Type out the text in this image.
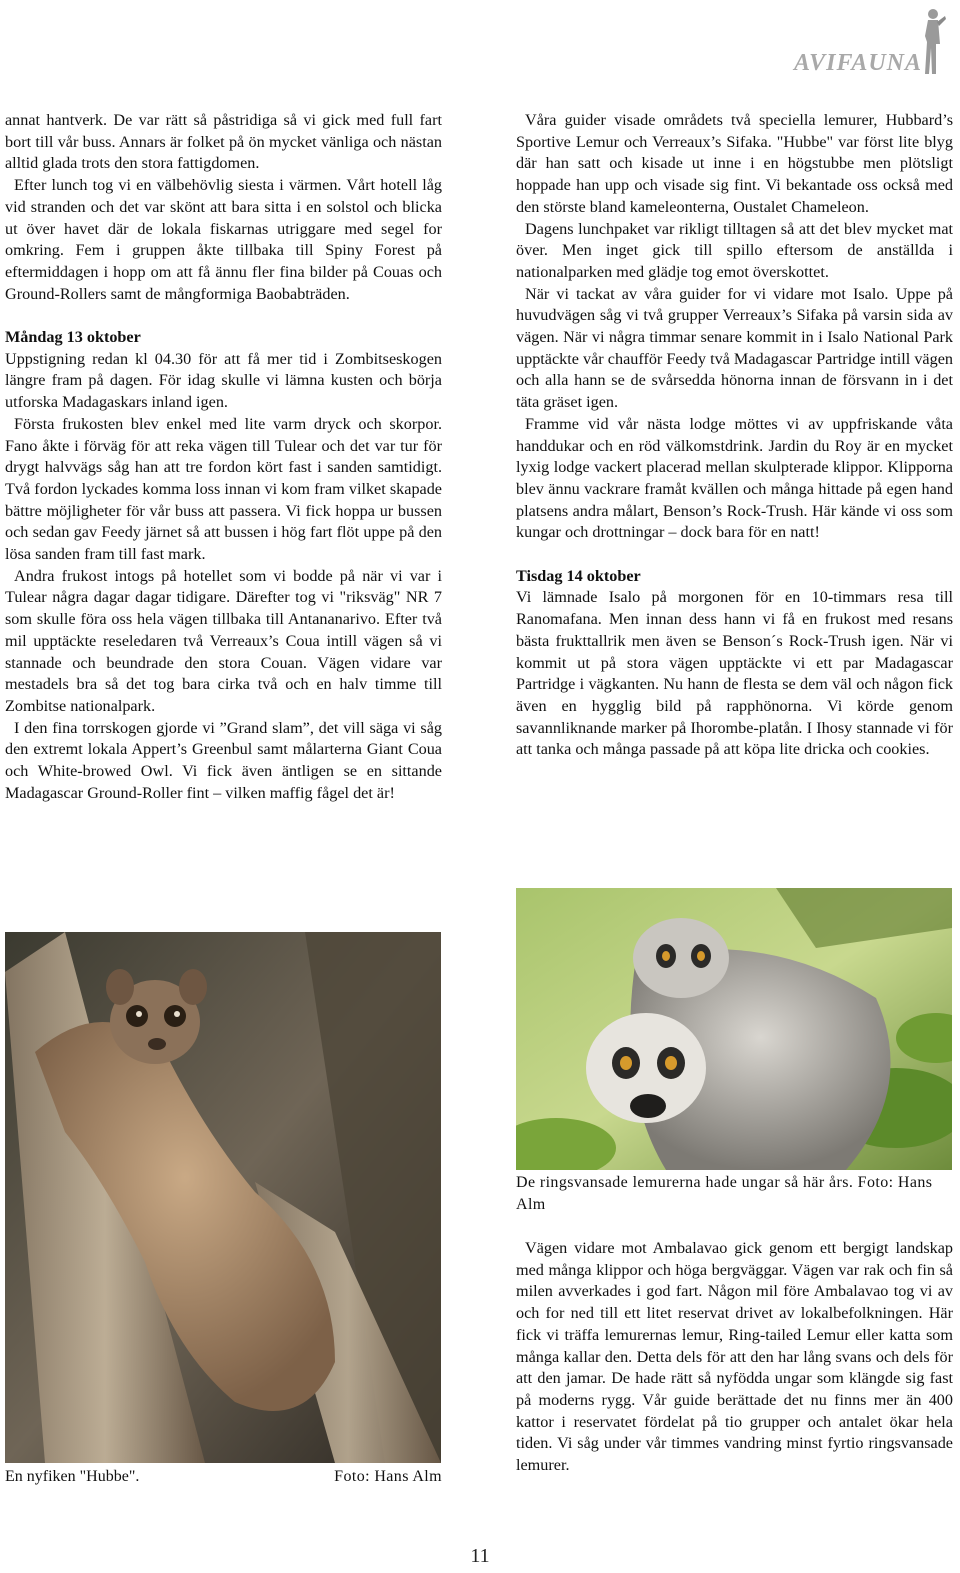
AVIFAUNA

annat hantverk. De var rätt så påstridiga så vi gick med full fart bort till vår buss. Annars är folket på ön mycket vänliga och nästan alltid glada trots den stora fattigdomen.

Efter lunch tog vi en välbehövlig siesta i värmen. Vårt hotell låg vid stranden och det var skönt att bara sitta i en solstol och blicka ut över havet där de lokala fiskarnas utriggare med segel for omkring. Fem i gruppen åkte tillbaka till Spiny Forest på eftermiddagen i hopp om att få ännu fler fina bilder på Couas och Ground-Rollers samt de mångformiga Baobabträden.

Måndag 13 oktober

Uppstigning redan kl 04.30 för att få mer tid i Zombitseskogen längre fram på dagen. För idag skulle vi lämna kusten och börja utforska Madagaskars inland igen.

Första frukosten blev enkel med lite varm dryck och skorpor. Fano åkte i förväg för att reka vägen till Tulear och det var tur för drygt halvvägs såg han att tre fordon kört fast i sanden samtidigt. Två fordon lyckades komma loss innan vi kom fram vilket skapade bättre möjligheter för vår buss att passera. Vi fick hoppa ur bussen och sedan gav Feedy järnet så att bussen i hög fart flöt uppe på den lösa sanden fram till fast mark.

Andra frukost intogs på hotellet som vi bodde på när vi var i Tulear några dagar dagar tidigare. Därefter tog vi "riksväg" NR 7 som skulle föra oss hela vägen tillbaka till Antananarivo. Efter två mil upptäckte reseledaren två Verreaux’s Coua intill vägen så vi stannade och beundrade den stora Couan. Vägen vidare var mestadels bra så det tog bara cirka två och en halv timme till Zombitse nationalpark.

I den fina torrskogen gjorde vi ”Grand slam”, det vill säga vi såg den extremt lokala Appert’s Greenbul samt målarterna Giant Coua och White-browed Owl. Vi fick även äntligen se en sittande Madagascar Ground-Roller fint – vilken maffig fågel det är!

En nyfiken "Hubbe".	Foto: Hans Alm

Våra guider visade områdets två speciella lemurer, Hubbard’s Sportive Lemur och Verreaux’s Sifaka. "Hubbe" var först lite blyg där han satt och kisade ut inne i en högstubbe men plötsligt hoppade han upp och visade sig fint. Vi bekantade oss också med den störste bland kameleonterna, Oustalet Chameleon.

Dagens lunchpaket var rikligt tilltagen så att det blev mycket mat över. Men inget gick till spillo eftersom de anställda i nationalparken med glädje tog emot överskottet.

När vi tackat av våra guider for vi vidare mot Isalo. Uppe på huvudvägen såg vi två grupper Verreaux’s Sifaka på varsin sida av vägen. När vi några timmar senare kommit in i Isalo National Park upptäckte vår chaufför Feedy två Madagascar Partridge intill vägen och alla hann se de svårsedda hönorna innan de försvann in i det täta gräset igen.

Framme vid vår nästa lodge möttes vi av uppfriskande våta handdukar och en röd välkomstdrink. Jardin du Roy är en mycket lyxig lodge vackert placerad mellan skulpterade klippor. Klipporna blev ännu vackrare framåt kvällen och många hittade på egen hand platsens andra målart, Benson’s Rock-Trush. Här kände vi oss som kungar och drottningar – dock bara för en natt!

Tisdag 14 oktober

Vi lämnade Isalo på morgonen för en 10-timmars resa till Ranomafana. Men innan dess hann vi få en frukost med resans bästa frukttallrik men även se Benson´s Rock-Trush igen. När vi kommit ut på stora vägen upptäckte vi ett par Madagascar Partridge i vägkanten. Nu hann de flesta se dem väl och någon fick även en hygglig bild på rapphönorna. Vi körde genom savannliknande marker på Ihorombe-platån. I Ihosy stannade vi för att tanka och många passade på att köpa lite dricka och cookies.

De ringsvansade lemurerna hade ungar så här års. Foto: Hans Alm

Vägen vidare mot Ambalavao gick genom ett bergigt landskap med många klippor och höga bergväggar. Vägen var rak och fin så milen avverkades i god fart. Någon mil före Ambalavao tog vi av och for ned till ett litet reservat drivet av lokalbefolkningen. Här fick vi träffa lemurernas lemur, Ring-tailed Lemur eller katta som många kallar den. Detta dels för att den har lång svans och dels för att den jamar. De hade rätt så nyfödda ungar som klängde sig fast på moderns rygg. Vår guide berättade det nu finns mer än 400 kattor i reservatet fördelat på tio grupper och antalet ökar hela tiden. Vi såg under vår timmes vandring minst fyrtio ringsvansade lemurer.

11
